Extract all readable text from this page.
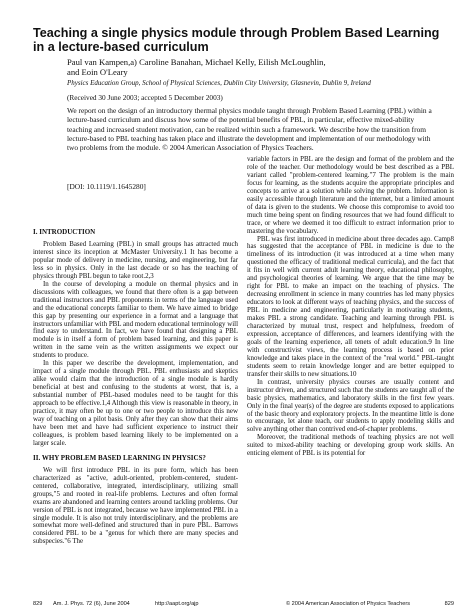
Teaching a single physics module through Problem Based Learning in a lecture-based curriculum
Paul van Kampen,a) Caroline Banahan, Michael Kelly, Eilish McLoughlin,
and Eoin O'Leary

Physics Education Group, School of Physical Sciences, Dublin City University, Glasnevin, Dublin 9, Ireland

(Received 30 June 2003; accepted 5 December 2003)

We report on the design of an introductory thermal physics module taught through Problem Based Learning (PBL) within a lecture-based curriculum and discuss how some of the potential benefits of PBL, in particular, effective mixed-ability teaching and increased student motivation, can be realized within such a framework. We describe how the transition from lecture-based to PBL teaching has taken place and illustrate the development and implementation of our methodology with two problems from the module. © 2004 American Association of Physics Teachers.

[DOI: 10.1119/1.1645280]

I. INTRODUCTION

Problem Based Learning (PBL) in small groups has attracted much interest since its inception at McMaster University.1 It has become a popular mode of delivery in medicine, nursing, and engineering, but far less so in physics. Only in the last decade or so has the teaching of physics through PBL begun to take root.2,3

In the course of developing a module on thermal physics and in discussions with colleagues, we found that there often is a gap between traditional instructors and PBL proponents in terms of the language used and the educational concepts familiar to them. We have aimed to bridge this gap by presenting our experience in a format and a language that instructors unfamiliar with PBL and modern educational terminology will find easy to understand. In fact, we have found that designing a PBL module is in itself a form of problem based learning, and this paper is written in the same vein as the written assignments we expect our students to produce.

In this paper we describe the development, implementation, and impact of a single module through PBL. PBL enthusiasts and skeptics alike would claim that the introduction of a single module is hardly beneficial at best and confusing to the students at worst, that is, a substantial number of PBL-based modules need to be taught for this approach to be effective.1,4 Although this view is reasonable in theory, in practice, it may often be up to one or two people to introduce this new way of teaching on a pilot basis. Only after they can show that their aims have been met and have had sufficient experience to instruct their colleagues, is problem based learning likely to be implemented on a larger scale.

II. WHY PROBLEM BASED LEARNING IN PHYSICS?

We will first introduce PBL in its pure form, which has been characterized as "active, adult-oriented, problem-centered, student-centered, collaborative, integrated, interdisciplinary, utilizing small groups,"5 and rooted in real-life problems. Lectures and often formal exams are abandoned and learning centers around tackling problems. Our version of PBL is not integrated, because we have implemented PBL in a single module. It is also not truly interdisciplinary, and the problems are somewhat more well-defined and structured than in pure PBL. Barrows considered PBL to be a "genus for which there are many species and subspecies."6 The

variable factors in PBL are the design and format of the problem and the role of the teacher. Our methodology would be best described as a PBL variant called "problem-centered learning."7 The problem is the main focus for learning, as the students acquire the appropriate principles and concepts to arrive at a solution while solving the problem. Information is easily accessible through literature and the internet, but a limited amount of data is given to the students. We choose this compromise to avoid too much time being spent on finding resources that we had found difficult to trace, or where we deemed it too difficult to extract information prior to mastering the vocabulary.

PBL was first introduced in medicine about three decades ago. Camp8 has suggested that the acceptance of PBL in medicine is due to the timeliness of its introduction (it was introduced at a time when many questioned the efficacy of traditional medical curricula), and the fact that it fits in well with current adult learning theory, educational philosophy, and psychological theories of learning. We argue that the time may be right for PBL to make an impact on the teaching of physics. The decreasing enrollment in science in many countries has led many physics educators to look at different ways of teaching physics, and the success of PBL in medicine and engineering, particularly in motivating students, makes PBL a strong candidate. Teaching and learning through PBL is characterized by mutual trust, respect and helpfulness, freedom of expression, acceptance of differences, and learners identifying with the goals of the learning experience, all tenets of adult education.9 In line with constructivist views, the learning process is based on prior knowledge and takes place in the context of the "real world." PBL-taught students seem to retain knowledge longer and are better equipped to transfer their skills to new situations.10

In contrast, university physics courses are usually content and instructor driven, and structured such that the students are taught all of the basic physics, mathematics, and laboratory skills in the first few years. Only in the final year(s) of the degree are students exposed to applications of the basic theory and exploratory projects. In the meantime little is done to encourage, let alone teach, our students to apply modeling skills and solve anything other than contrived end-of-chapter problems.

Moreover, the traditional methods of teaching physics are not well suited to mixed-ability teaching or developing group work skills. An enticing element of PBL is its potential for

829 Am. J. Phys. 72 (6), June 2004	http://aapt.org/ajp	© 2004 American Association of Physics Teachers	829
